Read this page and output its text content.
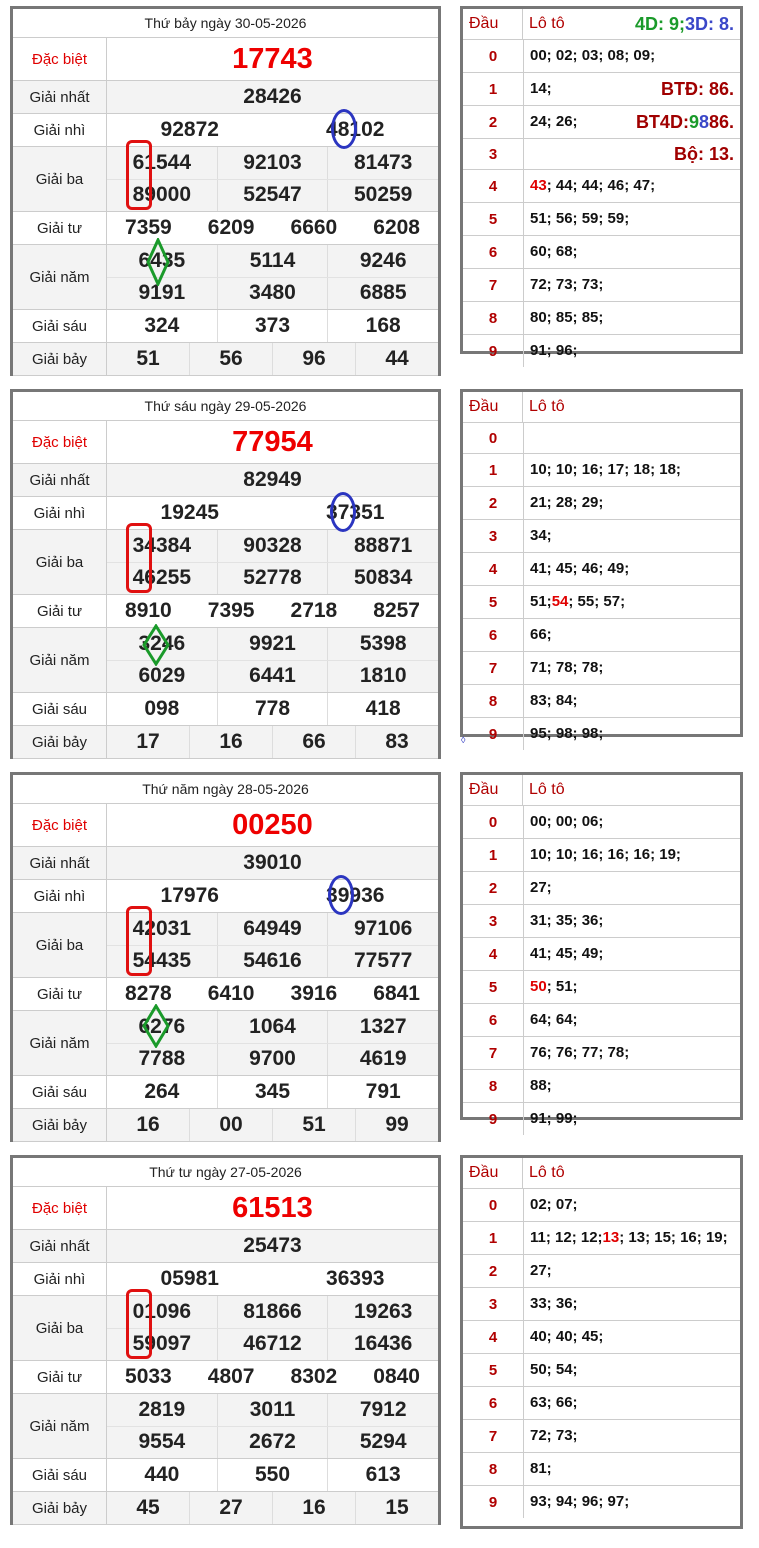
Thứ bảy ngày 30-05-2026
Đặc biệt	17743
Giải nhất	28426
Giải nhì	92872	48102
Giải ba
61544	92103	81473
89000	52547	50259
Giải tư	7359	6209	6660	6208
Giải năm
6435	5114	9246
9191	3480	6885
Giải sáu	324	373	168
Giải bảy	51	56	96	44
Đầu	Lô tô	4D: 9; 3D: 8.
0	00; 02; 03; 08; 09;
1	14;	BTĐ: 86.
2	24; 26;	BT4D: 9 8 86.
3	Bộ: 13.
4	43 ; 44; 44; 46; 47;
5	51; 56; 59; 59;
6	60; 68;
7	72; 73; 73;
8	80; 85; 85;
9	91; 96;
Thứ sáu ngày 29-05-2026
Đặc biệt	77954
Giải nhất	82949
Giải nhì	19245	37351
Giải ba
34384	90328	88871
46255	52778	50834
Giải tư	8910	7395	2718	8257
Giải năm
3246	9921	5398
6029	6441	1810
Giải sáu	098	778	418
Giải bảy	17	16	66	83
Đầu	Lô tô
0
1	10; 10; 16; 17; 18; 18;
2	21; 28; 29;
3	34;
4	41; 45; 46; 49;
5	51; 54 ; 55; 57;
6	66;
7	71; 78; 78;
8	83; 84;
9	95; 98; 98;
◊
Thứ năm ngày 28-05-2026
Đặc biệt	00250
Giải nhất	39010
Giải nhì	17976	39936
Giải ba
42031	64949	97106
54435	54616	77577
Giải tư	8278	6410	3916	6841
Giải năm
6276	1064	1327
7788	9700	4619
Giải sáu	264	345	791
Giải bảy	16	00	51	99
Đầu	Lô tô
0	00; 00; 06;
1	10; 10; 16; 16; 16; 19;
2	27;
3	31; 35; 36;
4	41; 45; 49;
5	50 ; 51;
6	64; 64;
7	76; 76; 77; 78;
8	88;
9	91; 99;
Thứ tư ngày 27-05-2026
Đặc biệt	61513
Giải nhất	25473
Giải nhì	05981	36393
Giải ba
01096	81866	19263
59097	46712	16436
Giải tư	5033	4807	8302	0840
Giải năm
2819	3011	7912
9554	2672	5294
Giải sáu	440	550	613
Giải bảy	45	27	16	15
Đầu	Lô tô
0	02; 07;
1	11; 12; 12; 13 ; 13; 15; 16; 19;
2	27;
3	33; 36;
4	40; 40; 45;
5	50; 54;
6	63; 66;
7	72; 73;
8	81;
9	93; 94; 96; 97;
